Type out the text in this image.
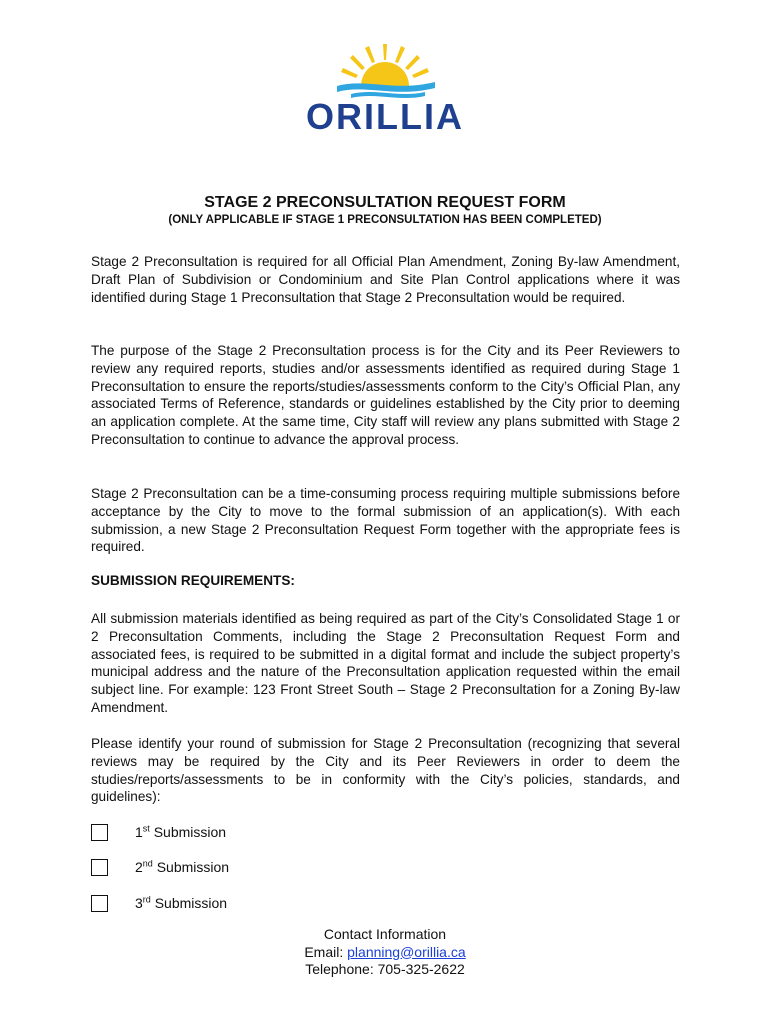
ORILLIA
STAGE 2 PRECONSULTATION REQUEST FORM
(ONLY APPLICABLE IF STAGE 1 PRECONSULTATION HAS BEEN COMPLETED)

Stage 2 Preconsultation is required for all Official Plan Amendment, Zoning By-law Amendment, Draft Plan of Subdivision or Condominium and Site Plan Control applications where it was identified during Stage 1 Preconsultation that Stage 2 Preconsultation would be required.

The purpose of the Stage 2 Preconsultation process is for the City and its Peer Reviewers to review any required reports, studies and/or assessments identified as required during Stage 1 Preconsultation to ensure the reports/studies/assessments conform to the City’s Official Plan, any associated Terms of Reference, standards or guidelines established by the City prior to deeming an application complete. At the same time, City staff will review any plans submitted with Stage 2 Preconsultation to continue to advance the approval process.

Stage 2 Preconsultation can be a time-consuming process requiring multiple submissions before acceptance by the City to move to the formal submission of an application(s). With each submission, a new Stage 2 Preconsultation Request Form together with the appropriate fees is required.

SUBMISSION REQUIREMENTS:

All submission materials identified as being required as part of the City’s Consolidated Stage 1 or 2 Preconsultation Comments, including the Stage 2 Preconsultation Request Form and associated fees, is required to be submitted in a digital format and include the subject property’s municipal address and the nature of the Preconsultation application requested within the email subject line. For example: 123 Front Street South – Stage 2 Preconsultation for a Zoning By-law Amendment.

Please identify your round of submission for Stage 2 Preconsultation (recognizing that several reviews may be required by the City and its Peer Reviewers in order to deem the studies/reports/assessments to be in conformity with the City’s policies, standards, and guidelines):

1st Submission
2nd Submission
3rd Submission
Contact Information
Email: planning@orillia.ca
Telephone: 705-325-2622
